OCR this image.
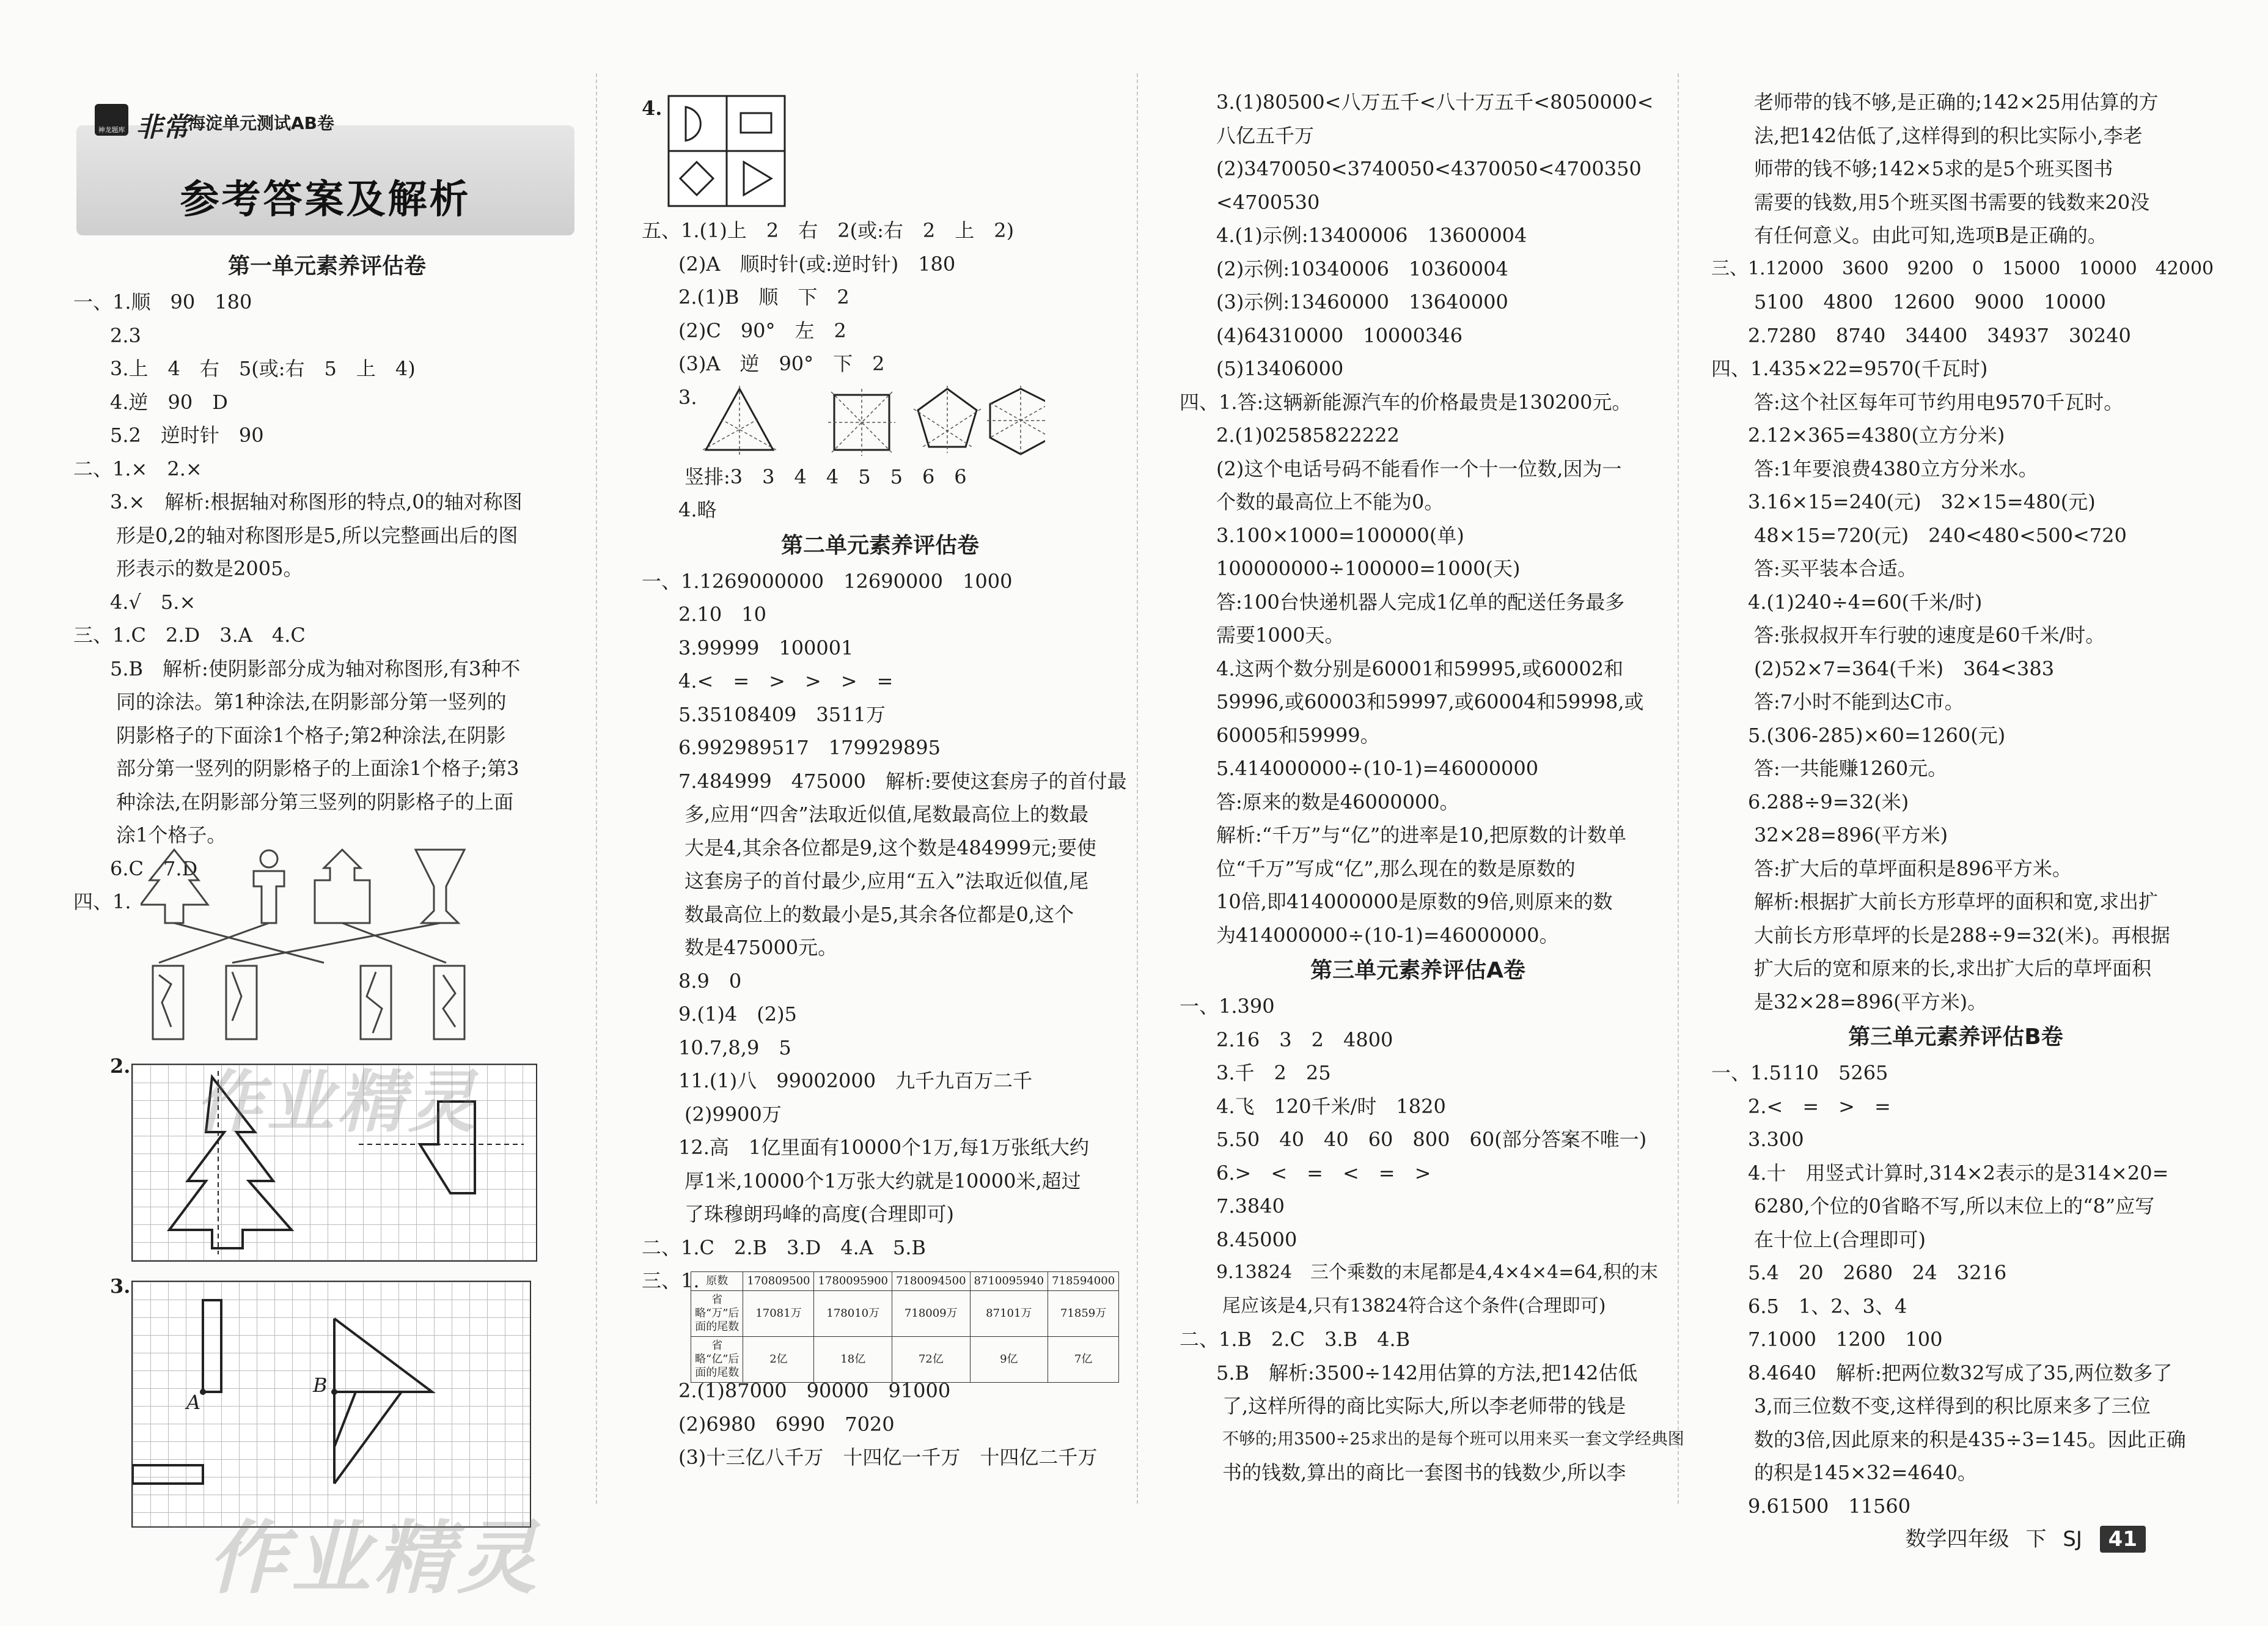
参考答案及解析
神龙题库 非常
海淀单元测试AB卷
第一单元素养评估卷
一、1.顺　90　180
2.3
3.上　4　右　5(或:右　5　上　4)
4.逆　90　D
5.2　逆时针　90
二、1.×　2.×
3.×　解析:根据轴对称图形的特点,0的轴对称图
形是0,2的轴对称图形是5,所以完整画出后的图
形表示的数是2005。
4.√　5.×
三、1.C　2.D　3.A　4.C
5.B　解析:使阴影部分成为轴对称图形,有3种不
同的涂法。第1种涂法,在阴影部分第一竖列的
阴影格子的下面涂1个格子;第2种涂法,在阴影
部分第一竖列的阴影格子的上面涂1个格子;第3
种涂法,在阴影部分第三竖列的阴影格子的上面
涂1个格子。
6.C　7.D
四、1.
2. 作业精灵
3.
A
B
作业精灵
4.
五、1.(1)上　2　右　2(或:右　2　上　2)
(2)A　顺时针(或:逆时针)　180
2.(1)B　顺　下　2
(2)C　90°　左　2
(3)A　逆　90°　下　2
3.
竖排:3　3　4　4　5　5　6　6
4.略
第二单元素养评估卷
一、1.1269000000　12690000　1000
2.10　10
3.99999　100001
4.<　=　>　>　>　=
5.35108409　3511万
6.992989517　179929895
7.484999　475000　解析:要使这套房子的首付最
多,应用“四舍”法取近似值,尾数最高位上的数最
大是4,其余各位都是9,这个数是484999元;要使
这套房子的首付最少,应用“五入”法取近似值,尾
数最高位上的数最小是5,其余各位都是0,这个
数是475000元。
8.9　0
9.(1)4　(2)5
10.7,8,9　5
11.(1)八　99002000　九千九百万二千
(2)9900万
12.高　1亿里面有10000个1万,每1万张纸大约
厚1米,10000个1万张大约就是10000米,超过
了珠穆朗玛峰的高度(合理即可)
二、1.C　2.B　3.D　4.A　5.B
三、1. 原数	170809500	1780095900	7180094500	8710095940	718594000
省略“万”后面的尾数	17081万	178010万	718009万	87101万	71859万
省略“亿”后面的尾数	2亿	18亿	72亿	9亿	7亿
2.(1)87000　90000　91000
(2)6980　6990　7020
(3)十三亿八千万　十四亿一千万　十四亿二千万
3.(1)80500<八万五千<八十万五千<8050000<
八亿五千万
(2)3470050<3740050<4370050<4700350
<4700530
4.(1)示例:13400006　13600004
(2)示例:10340006　10360004
(3)示例:13460000　13640000
(4)64310000　10000346
(5)13406000
四、1.答:这辆新能源汽车的价格最贵是130200元。
2.(1)02585822222
(2)这个电话号码不能看作一个十一位数,因为一
个数的最高位上不能为0。
3.100×1000=100000(单)
100000000÷100000=1000(天)
答:100台快递机器人完成1亿单的配送任务最多
需要1000天。
4.这两个数分别是60001和59995,或60002和
59996,或60003和59997,或60004和59998,或
60005和59999。
5.414000000÷(10-1)=46000000
答:原来的数是46000000。
解析:“千万”与“亿”的进率是10,把原数的计数单
位“千万”写成“亿”,那么现在的数是原数的
10倍,即414000000是原数的9倍,则原来的数
为414000000÷(10-1)=46000000。
第三单元素养评估A卷
一、1.390
2.16　3　2　4800
3.千　2　25
4.飞　120千米/时　1820
5.50　40　40　60　800　60(部分答案不唯一)
6.>　<　=　<　=　>
7.3840
8.45000
9.13824　三个乘数的末尾都是4,4×4×4=64,积的末
尾应该是4,只有13824符合这个条件(合理即可)
二、1.B　2.C　3.B　4.B
5.B　解析:3500÷142用估算的方法,把142估低
了,这样所得的商比实际大,所以李老师带的钱是
不够的;用3500÷25求出的是每个班可以用来买一套文学经典图
书的钱数,算出的商比一套图书的钱数少,所以李
老师带的钱不够,是正确的;142×25用估算的方
法,把142估低了,这样得到的积比实际小,李老
师带的钱不够;142×5求的是5个班买图书
需要的钱数,用5个班买图书需要的钱数来20没
有任何意义。由此可知,选项B是正确的。
三、1.12000　3600　9200　0　15000　10000　42000
5100　4800　12600　9000　10000
2.7280　8740　34400　34937　30240
四、1.435×22=9570(千瓦时)
答:这个社区每年可节约用电9570千瓦时。
2.12×365=4380(立方分米)
答:1年要浪费4380立方分米水。
3.16×15=240(元)　32×15=480(元)
48×15=720(元)　240<480<500<720
答:买平装本合适。
4.(1)240÷4=60(千米/时)
答:张叔叔开车行驶的速度是60千米/时。
(2)52×7=364(千米)　364<383
答:7小时不能到达C市。
5.(306-285)×60=1260(元)
答:一共能赚1260元。
6.288÷9=32(米)
32×28=896(平方米)
答:扩大后的草坪面积是896平方米。
解析:根据扩大前长方形草坪的面积和宽,求出扩
大前长方形草坪的长是288÷9=32(米)。再根据
扩大后的宽和原来的长,求出扩大后的草坪面积
是32×28=896(平方米)。
第三单元素养评估B卷
一、1.5110　5265
2.<　=　>　=
3.300
4.十　用竖式计算时,314×2表示的是314×20=
6280,个位的0省略不写,所以末位上的“8”应写
在十位上(合理即可)
5.4　20　2680　24　3216
6.5　1、2、3、4
7.1000　1200　100
8.4640　解析:把两位数32写成了35,两位数多了
3,而三位数不变,这样得到的积比原来多了三位
数的3倍,因此原来的积是435÷3=145。因此正确
的积是145×32=4640。
9.61500　11560
数学四年级 下 SJ 41
